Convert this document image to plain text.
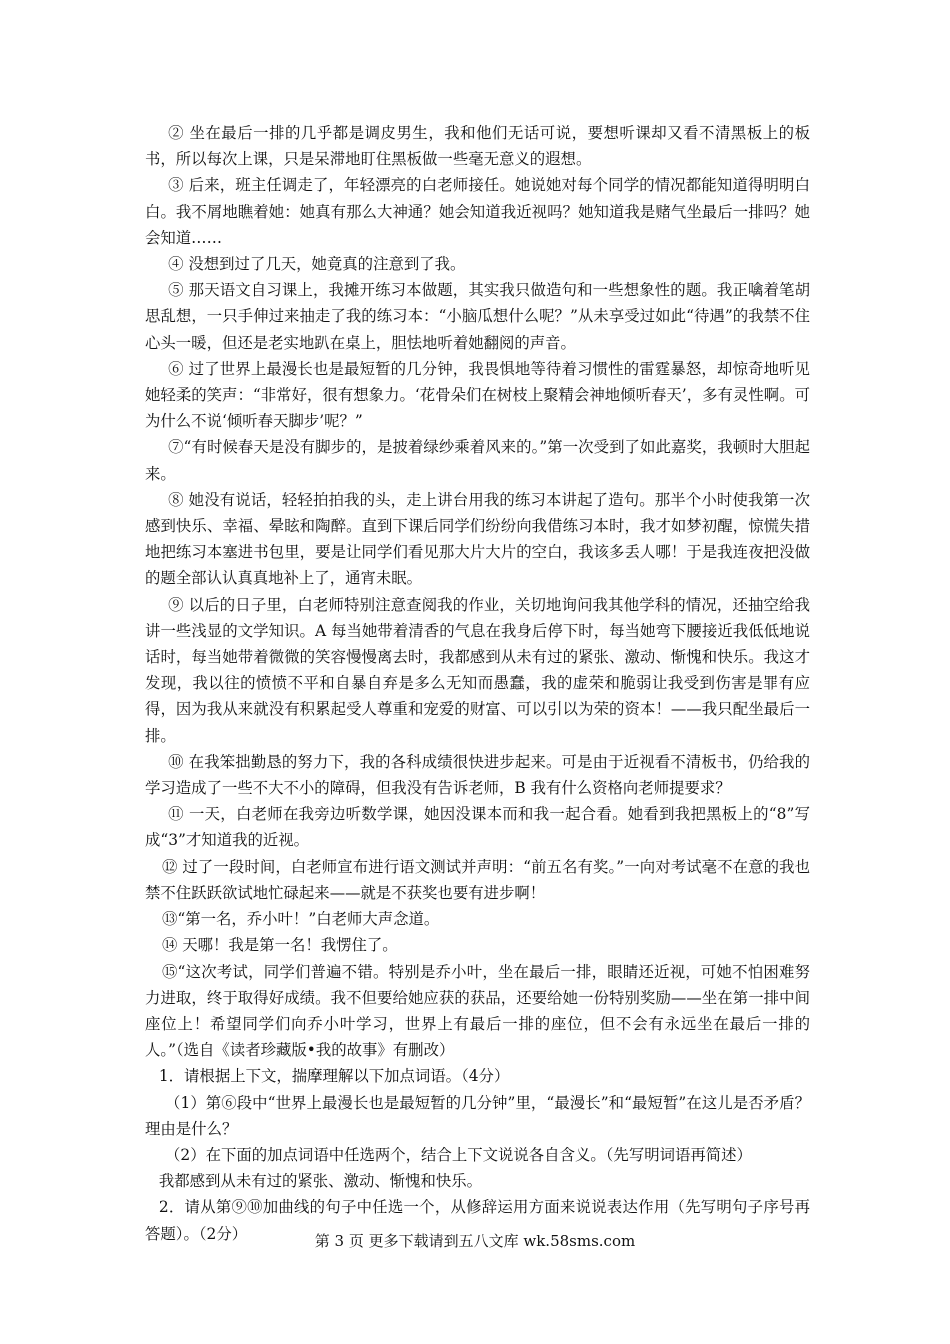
② 坐在最后一排的几乎都是调皮男生，我和他们无话可说，要想听课却又看不清黑板上的板书，所以每次上课，只是呆滞地盯住黑板做一些毫无意义的遐想。

③ 后来，班主任调走了，年轻漂亮的白老师接任。她说她对每个同学的情况都能知道得明明白白。我不屑地瞧着她：她真有那么大神通？她会知道我近视吗？她知道我是赌气坐最后一排吗？她会知道……

④ 没想到过了几天，她竟真的注意到了我。

⑤ 那天语文自习课上，我摊开练习本做题，其实我只做造句和一些想象性的题。我正噙着笔胡思乱想，一只手伸过来抽走了我的练习本：“小脑瓜想什么呢？”从未享受过如此“待遇”的我禁不住心头一暖，但还是老实地趴在桌上，胆怯地听着她翻阅的声音。

⑥ 过了世界上最漫长也是最短暂的几分钟，我畏惧地等待着习惯性的雷霆暴怒，却惊奇地听见她轻柔的笑声：“非常好，很有想象力。‘花骨朵们在树枝上聚精会神地倾听春天’，多有灵性啊。可为什么不说‘倾听春天脚步’呢？”

⑦“有时候春天是没有脚步的，是披着绿纱乘着风来的。”第一次受到了如此嘉奖，我顿时大胆起来。

⑧ 她没有说话，轻轻拍拍我的头，走上讲台用我的练习本讲起了造句。那半个小时使我第一次感到快乐、幸福、晕眩和陶醉。直到下课后同学们纷纷向我借练习本时，我才如梦初醒，惊慌失措地把练习本塞进书包里，要是让同学们看见那大片大片的空白，我该多丢人哪！于是我连夜把没做的题全部认认真真地补上了，通宵未眠。

⑨ 以后的日子里，白老师特别注意查阅我的作业，关切地询问我其他学科的情况，还抽空给我讲一些浅显的文学知识。A 每当她带着清香的气息在我身后停下时，每当她弯下腰接近我低低地说话时，每当她带着微微的笑容慢慢离去时，我都感到从未有过的紧张、激动、惭愧和快乐。我这才发现，我以往的愤愤不平和自暴自弃是多么无知而愚蠢，我的虚荣和脆弱让我受到伤害是罪有应得，因为我从来就没有积累起受人尊重和宠爱的财富、可以引以为荣的资本！——我只配坐最后一排。

⑩ 在我笨拙勤恳的努力下，我的各科成绩很快进步起来。可是由于近视看不清板书，仍给我的学习造成了一些不大不小的障碍，但我没有告诉老师，B 我有什么资格向老师提要求？

⑪ 一天，白老师在我旁边听数学课，她因没课本而和我一起合看。她看到我把黑板上的“8”写成“3”才知道我的近视。

⑫ 过了一段时间，白老师宣布进行语文测试并声明：“前五名有奖。”一向对考试毫不在意的我也禁不住跃跃欲试地忙碌起来——就是不获奖也要有进步啊！

⑬“第一名，乔小叶！”白老师大声念道。

⑭ 天哪！我是第一名！我愣住了。

⑮“这次考试，同学们普遍不错。特别是乔小叶，坐在最后一排，眼睛还近视，可她不怕困难努力进取，终于取得好成绩。我不但要给她应获的获品，还要给她一份特别奖励——坐在第一排中间座位上！希望同学们向乔小叶学习，世界上有最后一排的座位，但不会有永远坐在最后一排的人。”（选自《读者珍藏版•我的故事》有删改）

1．请根据上下文，揣摩理解以下加点词语。（4分）

（1）第⑥段中“世界上最漫长也是最短暂的几分钟”里，“最漫长”和“最短暂”在这儿是否矛盾？理由是什么？

（2）在下面的加点词语中任选两个，结合上下文说说各自含义。（先写明词语再简述）

我都感到从未有过的紧张、激动、惭愧和快乐。

2．请从第⑨⑩加曲线的句子中任选一个，从修辞运用方面来说说表达作用（先写明句子序号再答题）。（2分）	第 3 页 更多下载请到五八文库 wk.58sms.com
